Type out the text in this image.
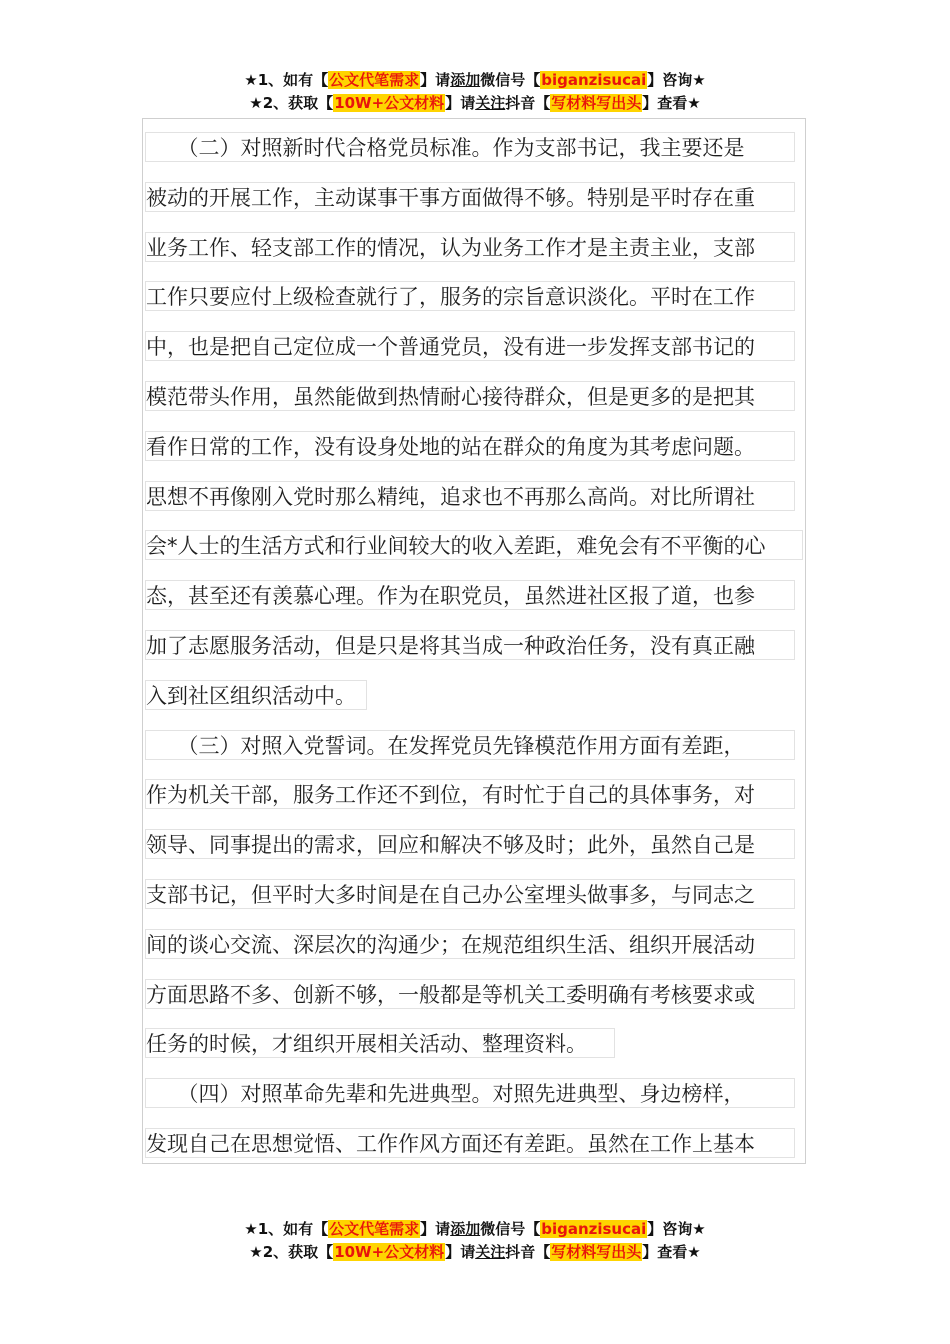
★1、如有【公文代笔需求】请添加微信号【biganzisucai】咨询★
★2、获取【10W+公文材料】请关注抖音【写材料写出头】查看★
　　（二）对照新时代合格党员标准。作为支部书记，我主要还是
被动的开展工作，主动谋事干事方面做得不够。特别是平时存在重
业务工作、轻支部工作的情况，认为业务工作才是主责主业，支部
工作只要应付上级检查就行了，服务的宗旨意识淡化。平时在工作
中，也是把自己定位成一个普通党员，没有进一步发挥支部书记的
模范带头作用，虽然能做到热情耐心接待群众，但是更多的是把其
看作日常的工作，没有设身处地的站在群众的角度为其考虑问题。
思想不再像刚入党时那么精纯，追求也不再那么高尚。对比所谓社
会*人士的生活方式和行业间较大的收入差距，难免会有不平衡的心
态，甚至还有羡慕心理。作为在职党员，虽然进社区报了道，也参
加了志愿服务活动，但是只是将其当成一种政治任务，没有真正融
入到社区组织活动中。
　　（三）对照入党誓词。在发挥党员先锋模范作用方面有差距，
作为机关干部，服务工作还不到位，有时忙于自己的具体事务，对
领导、同事提出的需求，回应和解决不够及时；此外，虽然自己是
支部书记，但平时大多时间是在自己办公室埋头做事多，与同志之
间的谈心交流、深层次的沟通少；在规范组织生活、组织开展活动
方面思路不多、创新不够，一般都是等机关工委明确有考核要求或
任务的时候，才组织开展相关活动、整理资料。
　　（四）对照革命先辈和先进典型。对照先进典型、身边榜样，
发现自己在思想觉悟、工作作风方面还有差距。虽然在工作上基本
★1、如有【公文代笔需求】请添加微信号【biganzisucai】咨询★
★2、获取【10W+公文材料】请关注抖音【写材料写出头】查看★
